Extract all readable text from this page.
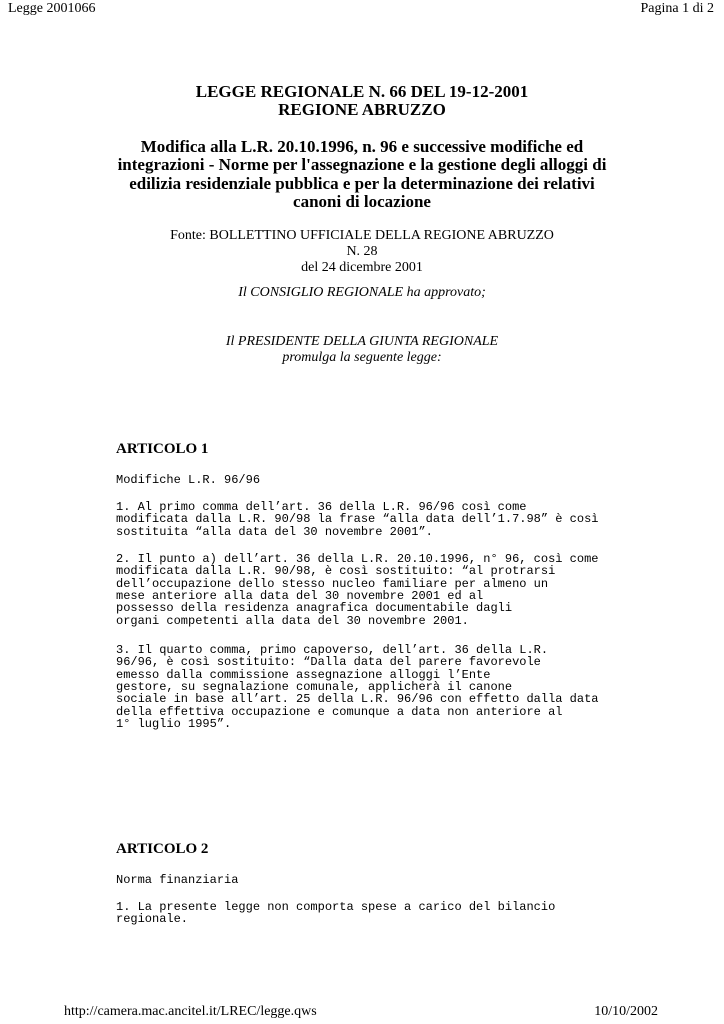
Legge 2001066	Pagina 1 di 2
LEGGE REGIONALE N. 66 DEL 19-12-2001
REGIONE ABRUZZO
Modifica alla L.R. 20.10.1996, n. 96 e successive modifiche ed
integrazioni - Norme per l'assegnazione e la gestione degli alloggi di
edilizia residenziale pubblica e per la determinazione dei relativi
canoni di locazione
Fonte: BOLLETTINO UFFICIALE DELLA REGIONE ABRUZZO
N. 28
del 24 dicembre 2001
Il CONSIGLIO REGIONALE ha approvato;
Il PRESIDENTE DELLA GIUNTA REGIONALE
promulga la seguente legge:
ARTICOLO 1
Modifiche L.R. 96/96
1. Al primo comma dell’art. 36 della L.R. 96/96 così come
modificata dalla L.R. 90/98 la frase “alla data dell’1.7.98” è così
sostituita “alla data del 30 novembre 2001”.
2. Il punto a) dell’art. 36 della L.R. 20.10.1996, n° 96, così come
modificata dalla L.R. 90/98, è così sostituito: “al protrarsi
dell’occupazione dello stesso nucleo familiare per almeno un
mese anteriore alla data del 30 novembre 2001 ed al
possesso della residenza anagrafica documentabile dagli
organi competenti alla data del 30 novembre 2001.
3. Il quarto comma, primo capoverso, dell’art. 36 della L.R.
96/96, è così sostituito: “Dalla data del parere favorevole
emesso dalla commissione assegnazione alloggi l’Ente
gestore, su segnalazione comunale, applicherà il canone
sociale in base all’art. 25 della L.R. 96/96 con effetto dalla data
della effettiva occupazione e comunque a data non anteriore al
1° luglio 1995”.
ARTICOLO 2
Norma finanziaria
1. La presente legge non comporta spese a carico del bilancio
regionale.
http://camera.mac.ancitel.it/LREC/legge.qws	10/10/2002
